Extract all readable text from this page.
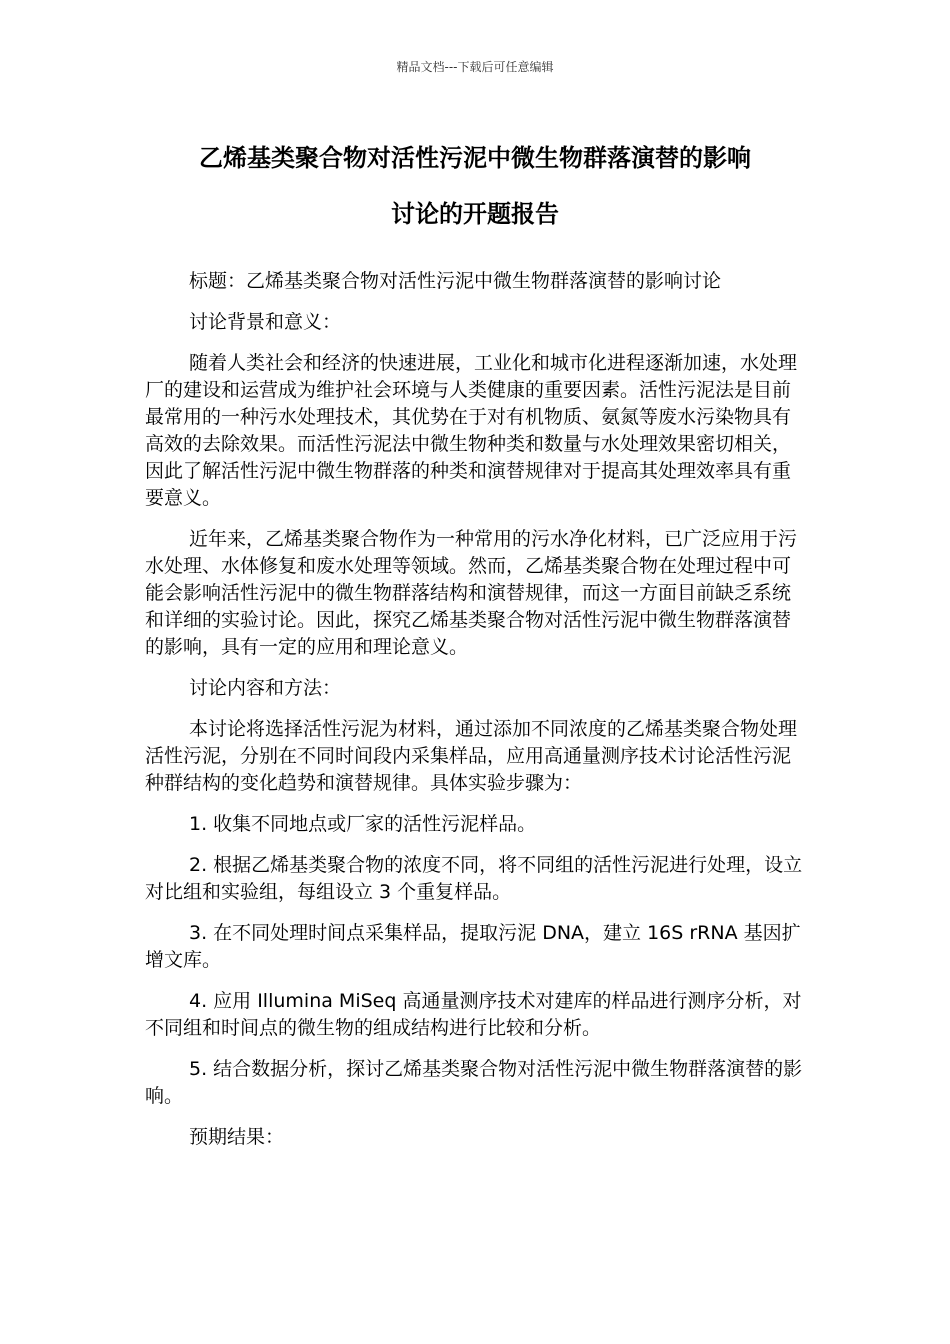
精品文档---下载后可任意编辑
乙烯基类聚合物对活性污泥中微生物群落演替的影响
讨论的开题报告

标题：乙烯基类聚合物对活性污泥中微生物群落演替的影响讨论

讨论背景和意义：

随着人类社会和经济的快速进展，工业化和城市化进程逐渐加速，水处理厂的建设和运营成为维护社会环境与人类健康的重要因素。活性污泥法是目前最常用的一种污水处理技术，其优势在于对有机物质、氨氮等废水污染物具有高效的去除效果。而活性污泥法中微生物种类和数量与水处理效果密切相关，因此了解活性污泥中微生物群落的种类和演替规律对于提高其处理效率具有重要意义。

近年来，乙烯基类聚合物作为一种常用的污水净化材料，已广泛应用于污水处理、水体修复和废水处理等领域。然而，乙烯基类聚合物在处理过程中可能会影响活性污泥中的微生物群落结构和演替规律，而这一方面目前缺乏系统和详细的实验讨论。因此，探究乙烯基类聚合物对活性污泥中微生物群落演替的影响，具有一定的应用和理论意义。

讨论内容和方法：

本讨论将选择活性污泥为材料，通过添加不同浓度的乙烯基类聚合物处理活性污泥，分别在不同时间段内采集样品，应用高通量测序技术讨论活性污泥种群结构的变化趋势和演替规律。具体实验步骤为：

1. 收集不同地点或厂家的活性污泥样品。

2. 根据乙烯基类聚合物的浓度不同，将不同组的活性污泥进行处理，设立对比组和实验组，每组设立 3 个重复样品。

3. 在不同处理时间点采集样品，提取污泥 DNA，建立 16S rRNA 基因扩增文库。

4. 应用 Illumina MiSeq 高通量测序技术对建库的样品进行测序分析，对不同组和时间点的微生物的组成结构进行比较和分析。

5. 结合数据分析，探讨乙烯基类聚合物对活性污泥中微生物群落演替的影响。

预期结果：
